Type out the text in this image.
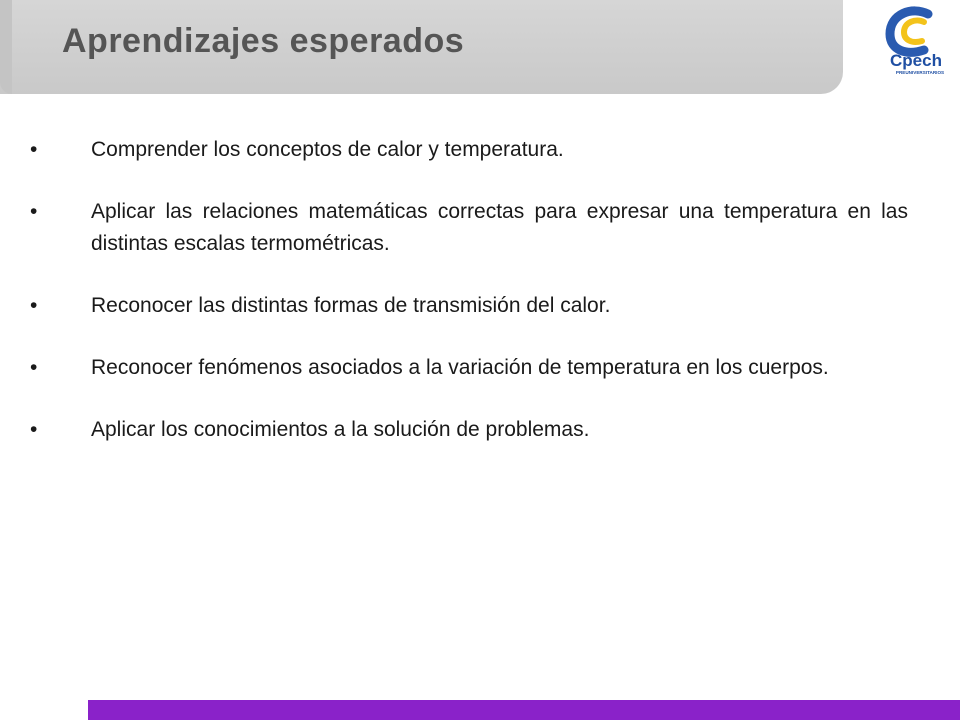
Aprendizajes esperados
Cpech
PREUNIVERSITARIOS
•	Comprender los conceptos de calor y temperatura.
•	Aplicar las relaciones matemáticas correctas para expresar una temperatura en las distintas escalas termométricas.
•	Reconocer las distintas formas de transmisión del calor.
•	Reconocer fenómenos asociados a la variación de temperatura en los cuerpos.
•	Aplicar los conocimientos a la solución de problemas.
